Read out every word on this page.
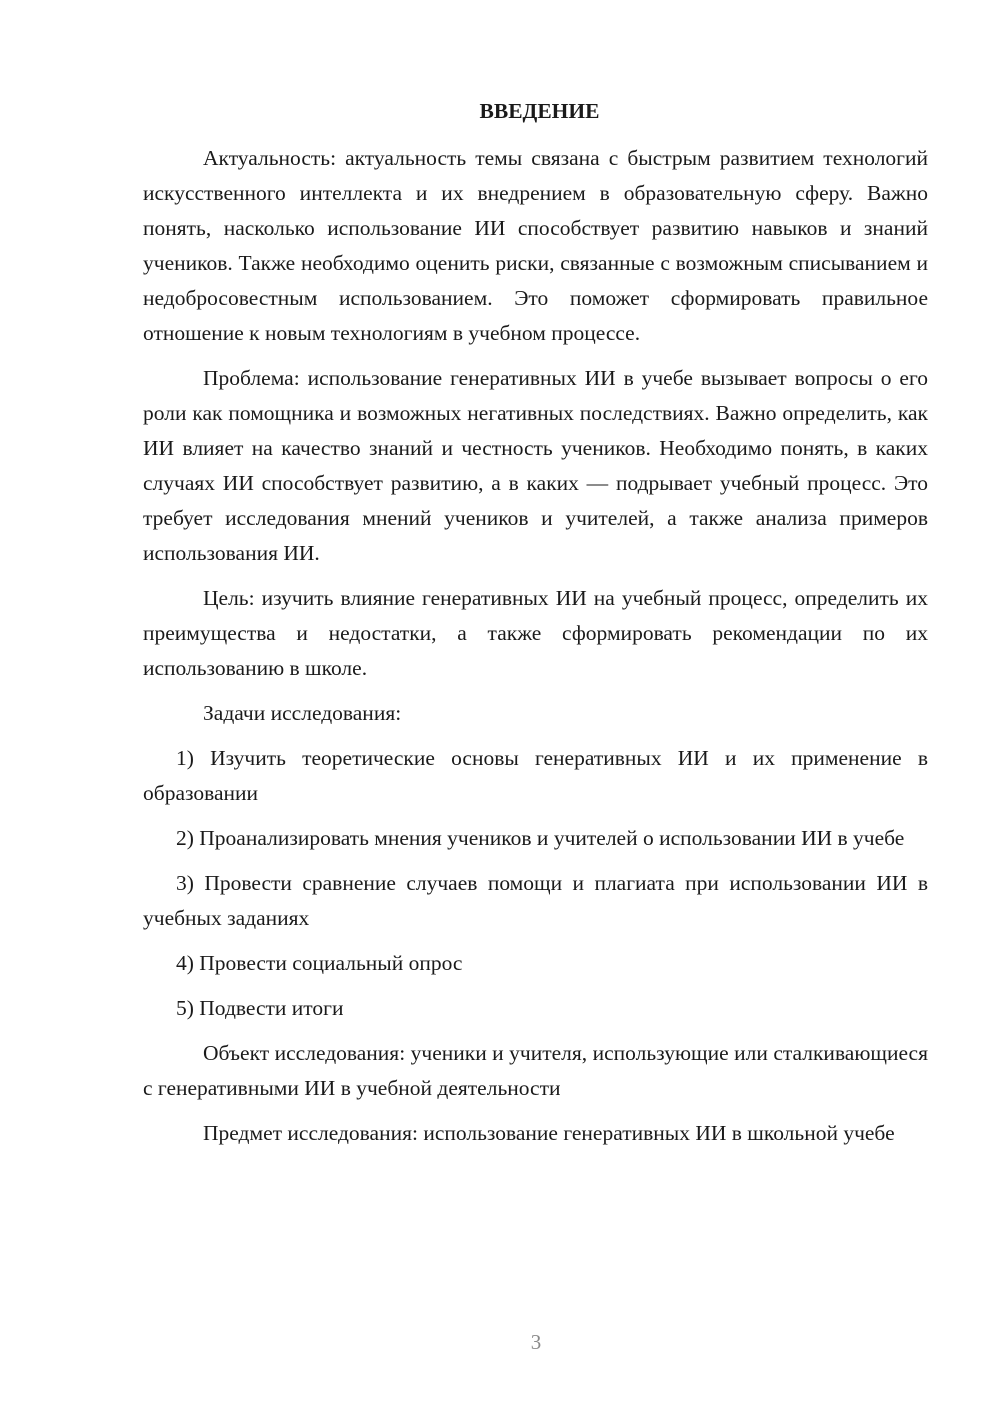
ВВЕДЕНИЕ
Актуальность: актуальность темы связана с быстрым развитием технологий искусственного интеллекта и их внедрением в образовательную сферу. Важно понять, насколько использование ИИ способствует развитию навыков и знаний учеников. Также необходимо оценить риски, связанные с возможным списыванием и недобросовестным использованием. Это поможет сформировать правильное отношение к новым технологиям в учебном процессе.
Проблема: использование генеративных ИИ в учебе вызывает вопросы о его роли как помощника и возможных негативных последствиях. Важно определить, как ИИ влияет на качество знаний и честность учеников. Необходимо понять, в каких случаях ИИ способствует развитию, а в каких — подрывает учебный процесс. Это требует исследования мнений учеников и учителей, а также анализа примеров использования ИИ.
Цель: изучить влияние генеративных ИИ на учебный процесс, определить их преимущества и недостатки, а также сформировать рекомендации по их использованию в школе.
Задачи исследования:
1) Изучить теоретические основы генеративных ИИ и их применение в образовании
2) Проанализировать мнения учеников и учителей о использовании ИИ в учебе
3) Провести сравнение случаев помощи и плагиата при использовании ИИ в учебных заданиях
4) Провести социальный опрос
5) Подвести итоги
Объект исследования: ученики и учителя, использующие или сталкивающиеся с генеративными ИИ в учебной деятельности
Предмет исследования: использование генеративных ИИ в школьной учебе
3
